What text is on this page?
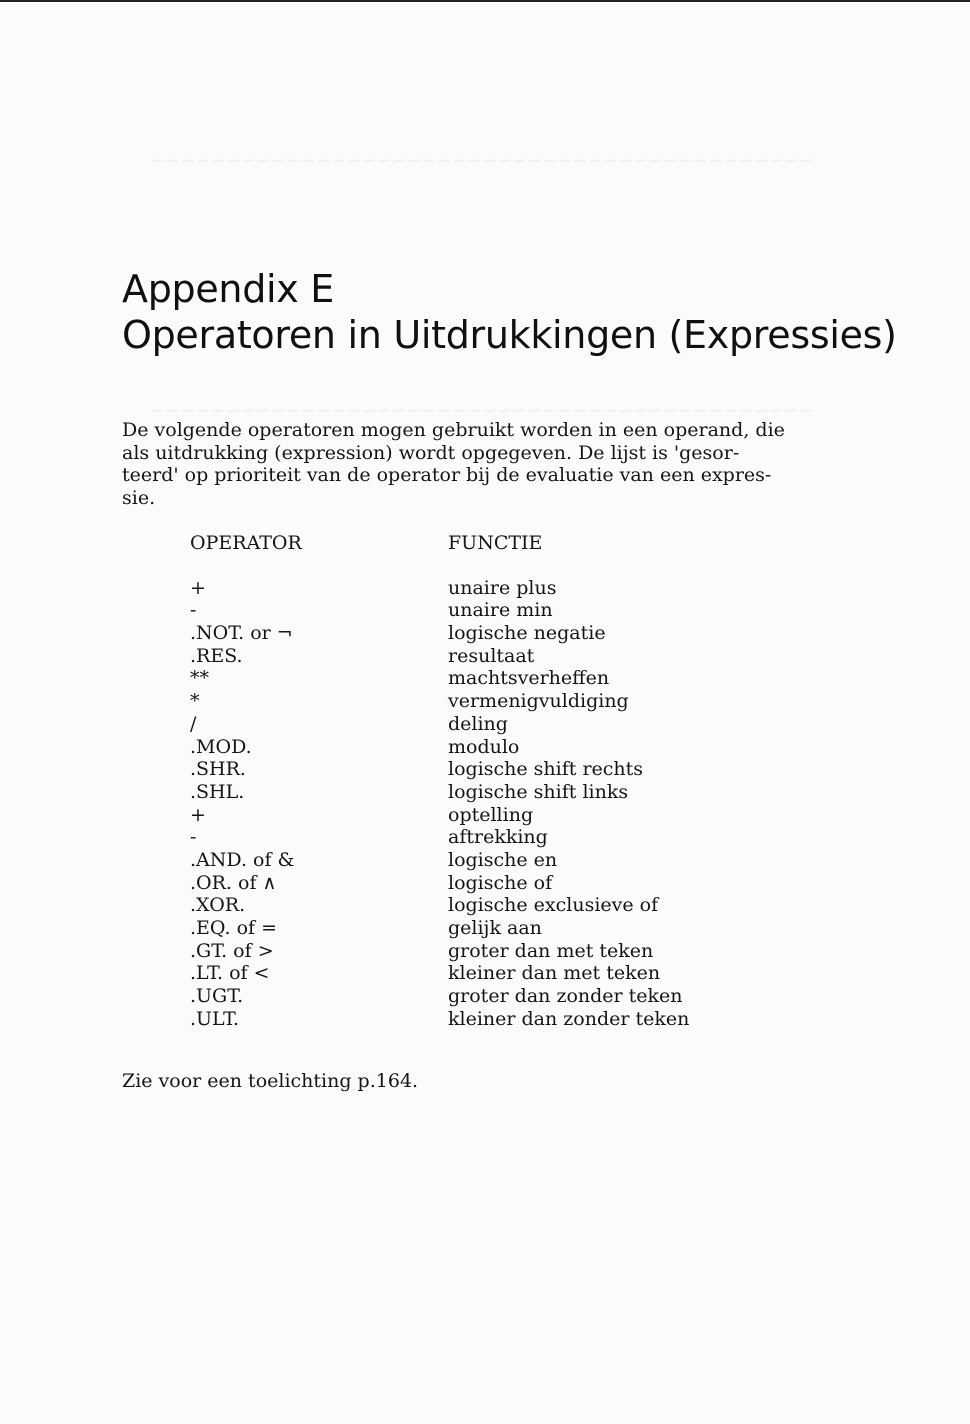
~~~~~~~~~~~~~~~~~~~~~~~~~~~~~~~~~~~~~~~~~~~~
~~~~~~~~~~~~~~~~~~~~~~~~~~~~~~~~~~~~~~~~~~~~
Appendix E
Operatoren in Uitdrukkingen (Expressies)
De volgende operatoren mogen gebruikt worden in een operand, die
als uitdrukking (expression) wordt opgegeven. De lijst is 'gesor-
teerd' op prioriteit van de operator bij de evaluatie van een expres-
sie.
OPERATOR	FUNCTIE
+	unaire plus
-	unaire min
.NOT. or ¬	logische negatie
.RES.	resultaat
**	machtsverheffen
*	vermenigvuldiging
/	deling
.MOD.	modulo
.SHR.	logische shift rechts
.SHL.	logische shift links
+	optelling
-	aftrekking
.AND. of &	logische en
.OR. of ∧	logische of
.XOR.	logische exclusieve of
.EQ. of =	gelijk aan
.GT. of >	groter dan met teken
.LT. of <	kleiner dan met teken
.UGT.	groter dan zonder teken
.ULT.	kleiner dan zonder teken
Zie voor een toelichting p.164.
